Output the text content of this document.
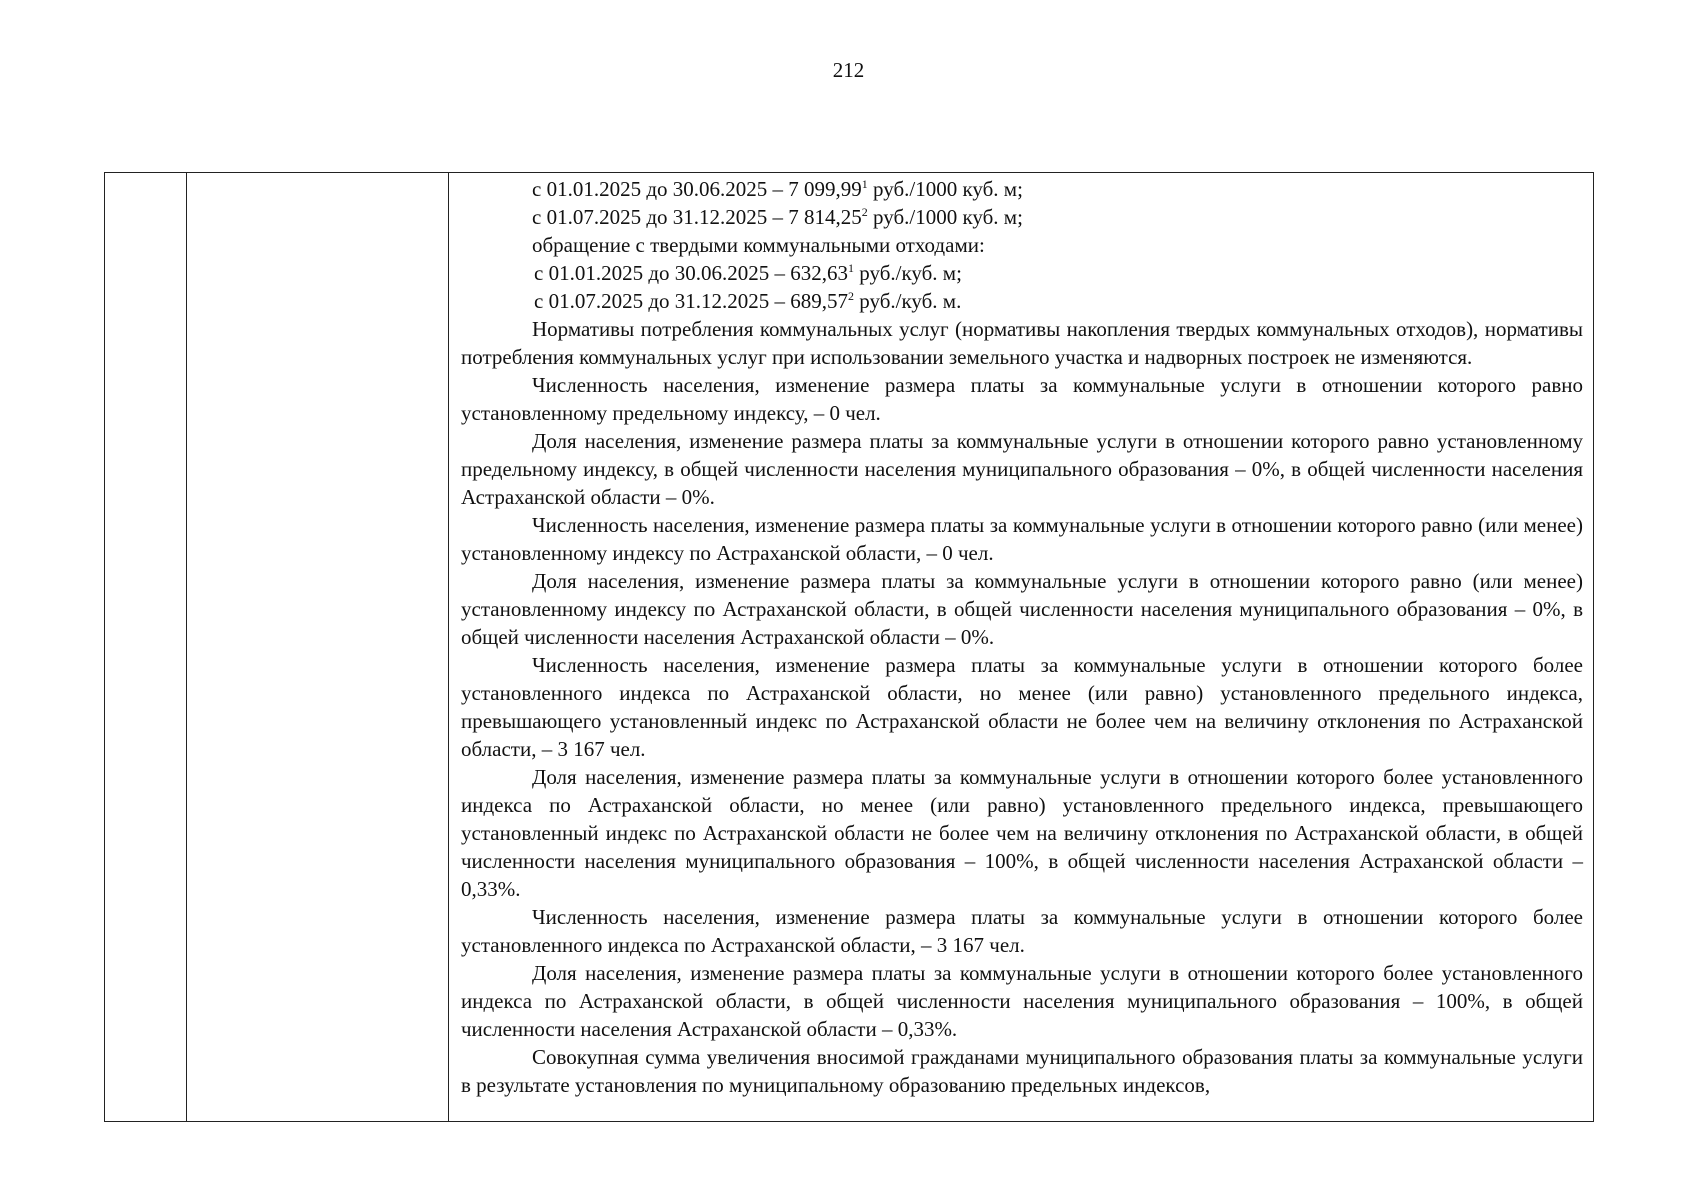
212

с 01.01.2025 до 30.06.2025 – 7 099,99$^1$ руб./1000 куб. м;

с 01.07.2025 до 31.12.2025 – 7 814,25$^2$ руб./1000 куб. м;

обращение с твердыми коммунальными отходами:

с 01.01.2025 до 30.06.2025 – 632,63$^1$ руб./куб. м;

с 01.07.2025 до 31.12.2025 – 689,57$^2$ руб./куб. м.

Нормативы потребления коммунальных услуг (нормативы накопления твердых коммунальных отходов), нормативы потребления коммунальных услуг при использовании земельного участка и надворных построек не изменяются.

Численность населения, изменение размера платы за коммунальные услуги в отношении которого равно установленному предельному индексу, – 0 чел.

Доля населения, изменение размера платы за коммунальные услуги в отношении которого равно установленному предельному индексу, в общей численности населения муниципального образования – 0%, в общей численности населения Астраханской области – 0%.

Численность населения, изменение размера платы за коммунальные услуги в отношении которого равно (или менее) установленному индексу по Астраханской области, – 0 чел.

Доля населения, изменение размера платы за коммунальные услуги в отношении которого равно (или менее) установленному индексу по Астраханской области, в общей численности населения муниципального образования – 0%, в общей численности населения Астраханской области – 0%.

Численность населения, изменение размера платы за коммунальные услуги в отношении которого более установленного индекса по Астраханской области, но менее (или равно) установленного предельного индекса, превышающего установленный индекс по Астраханской области не более чем на величину отклонения по Астраханской области, – 3 167 чел.

Доля населения, изменение размера платы за коммунальные услуги в отношении которого более установленного индекса по Астраханской области, но менее (или равно) установленного предельного индекса, превышающего установленный индекс по Астраханской области не более чем на величину отклонения по Астраханской области, в общей численности населения муниципального образования – 100%, в общей численности населения Астраханской области – 0,33%.

Численность населения, изменение размера платы за коммунальные услуги в отношении которого более установленного индекса по Астраханской области, – 3 167 чел.

Доля населения, изменение размера платы за коммунальные услуги в отношении которого более установленного индекса по Астраханской области, в общей численности населения муниципального образования – 100%, в общей численности населения Астраханской области – 0,33%.

Совокупная сумма увеличения вносимой гражданами муниципального образования платы за коммунальные услуги в результате установления по муниципальному образованию предельных индексов,
